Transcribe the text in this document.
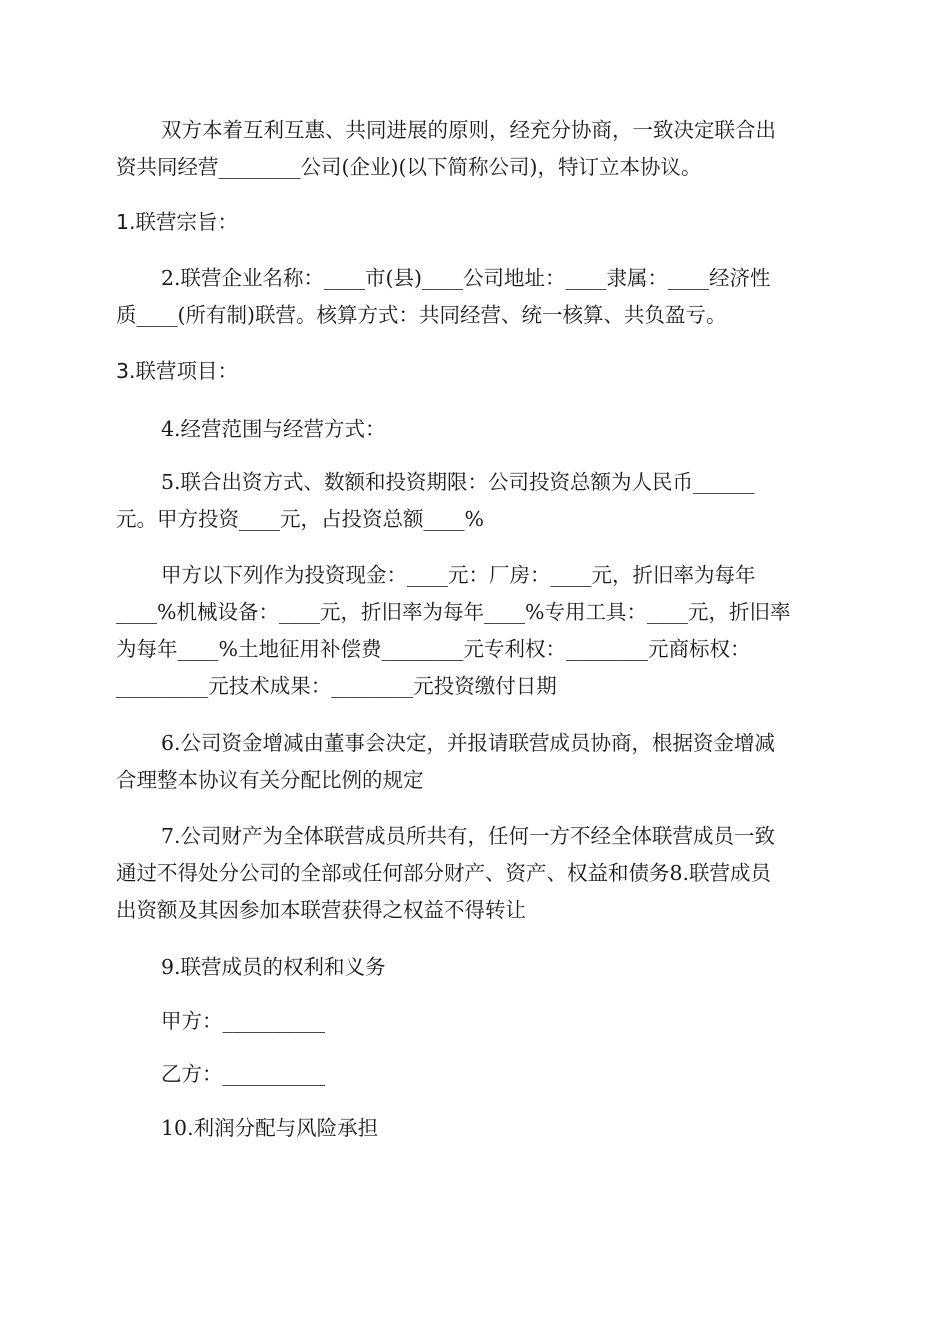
双方本着互利互惠、共同进展的原则，经充分协商，一致决定联合出
资共同经营________公司(企业)(以下简称公司)，特订立本协议。
1.联营宗旨：
2.联营企业名称：____市(县)____公司地址：____隶属：____经济性
质____(所有制)联营。核算方式：共同经营、统一核算、共负盈亏。
3.联营项目：
4.经营范围与经营方式：
5.联合出资方式、数额和投资期限：公司投资总额为人民币______
元。甲方投资____元，占投资总额____%
甲方以下列作为投资现金：____元：厂房：____元，折旧率为每年
____%机械设备：____元，折旧率为每年____%专用工具：____元，折旧率
为每年____%土地征用补偿费________元专利权：________元商标权：
_________元技术成果：________元投资缴付日期
6.公司资金增减由董事会决定，并报请联营成员协商，根据资金增减
合理整本协议有关分配比例的规定
7.公司财产为全体联营成员所共有，任何一方不经全体联营成员一致
通过不得处分公司的全部或任何部分财产、资产、权益和债务8.联营成员
出资额及其因参加本联营获得之权益不得转让
9.联营成员的权利和义务
甲方：__________
乙方：__________
10.利润分配与风险承担
